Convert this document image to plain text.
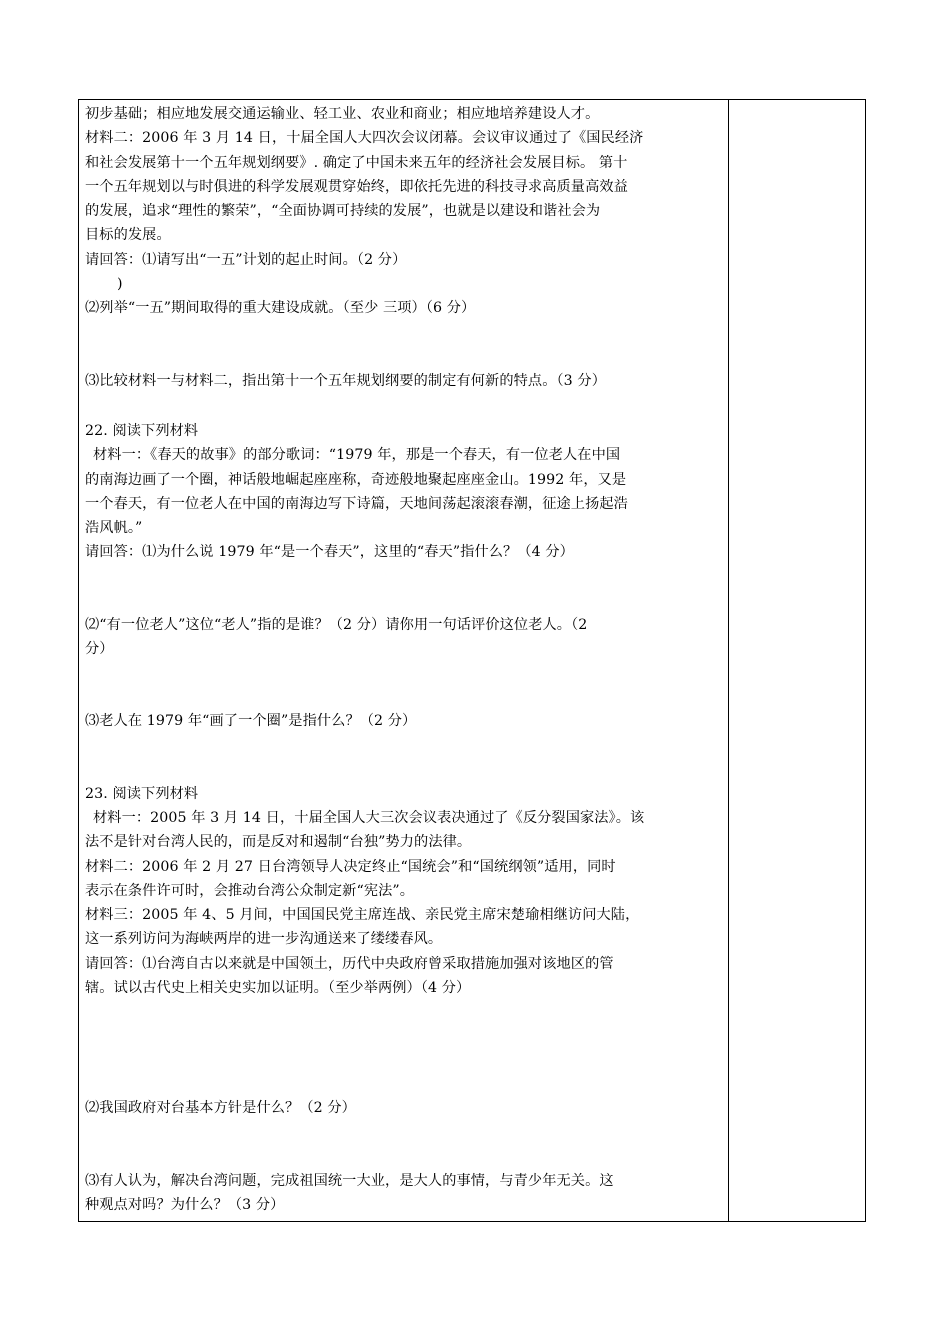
初步基础；相应地发展交通运输业、轻工业、农业和商业；相应地培养建设人才。
材料二：2006 年 3 月 14 日，十届全国人大四次会议闭幕。会议审议通过了《国民经济
和社会发展第十一个五年规划纲要》. 确定了中国未来五年的经济社会发展目标。 第十
一个五年规划以与时俱进的科学发展观贯穿始终，即依托先进的科技寻求高质量高效益
的发展，追求“理性的繁荣”，“全面协调可持续的发展”，也就是以建设和谐社会为
目标的发展。
请回答：⑴请写出“一五”计划的起止时间。（2 分）
)
⑵列举“一五”期间取得的重大建设成就。（至少 三项）（6 分）
⑶比较材料一与材料二，指出第十一个五年规划纲要的制定有何新的特点。（3 分）
22. 阅读下列材料
材料一：《春天的故事》的部分歌词：“1979 年，那是一个春天，有一位老人在中国
的南海边画了一个圈，神话般地崛起座座称，奇迹般地聚起座座金山。1992 年，又是
一个春天，有一位老人在中国的南海边写下诗篇，天地间荡起滚滚春潮，征途上扬起浩
浩风帆。”
请回答：⑴为什么说 1979 年“是一个春天”，这里的“春天”指什么？（4 分）
⑵“有一位老人”这位“老人”指的是谁？（2 分）请你用一句话评价这位老人。（2
分）
⑶老人在 1979 年“画了一个圈”是指什么？（2 分）
23. 阅读下列材料
材料一：2005 年 3 月 14 日，十届全国人大三次会议表决通过了《反分裂国家法》。该
法不是针对台湾人民的，而是反对和遏制“台独”势力的法律。
材料二：2006 年 2 月 27 日台湾领导人决定终止“国统会”和“国统纲领”适用，同时
表示在条件许可时，会推动台湾公众制定新“宪法”。
材料三：2005 年 4、5 月间，中国国民党主席连战、亲民党主席宋楚瑜相继访问大陆，
这一系列访问为海峡两岸的进一步沟通送来了缕缕春风。
请回答：⑴台湾自古以来就是中国领土，历代中央政府曾采取措施加强对该地区的管
辖。试以古代史上相关史实加以证明。（至少举两例）（4 分）
⑵我国政府对台基本方针是什么？（2 分）
⑶有人认为，解决台湾问题，完成祖国统一大业，是大人的事情，与青少年无关。这
种观点对吗？为什么？（3 分）
